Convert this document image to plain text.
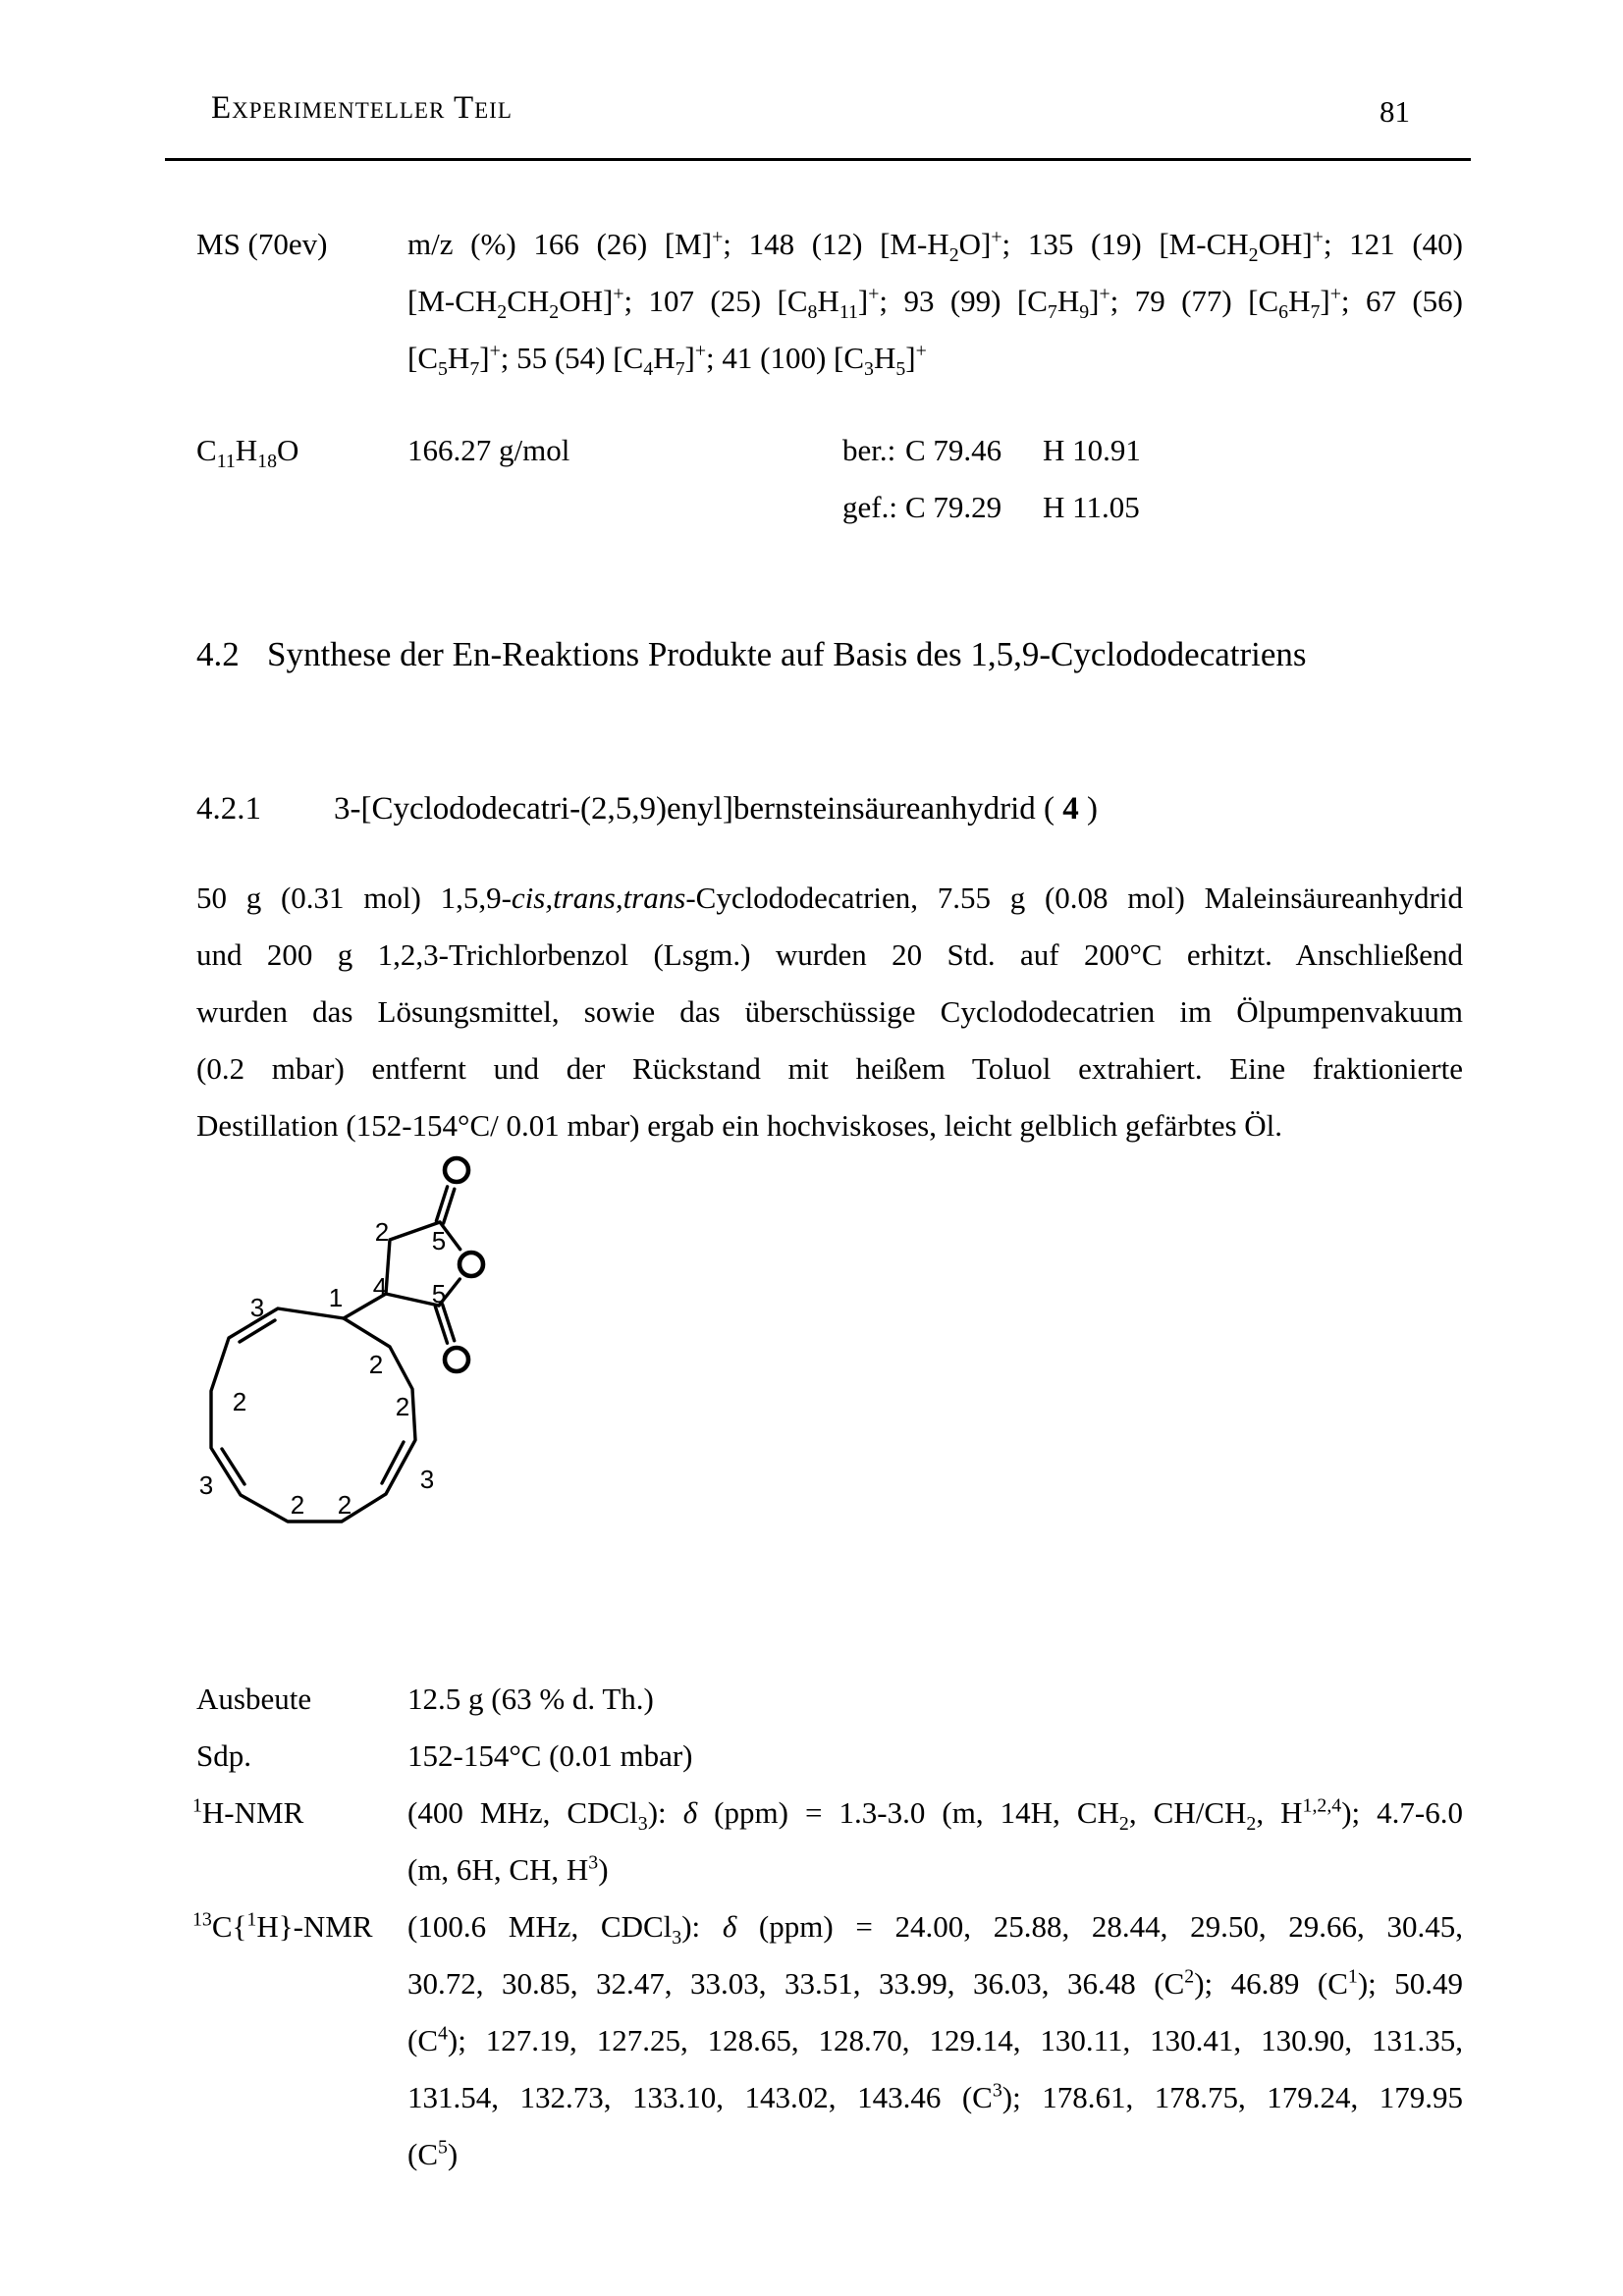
Experimenteller Teil	81
MS (70ev)	m/z (%) 166 (26) [M]+; 148 (12) $[M-H_2O]^+$; 135 (19) $[M-CH_2OH]^+$; 121 (40)
$[M-CH_2CH_2OH]^+$; 107 (25) $[C_8H_{11}]^+$; 93 (99) $[C_7H_9]^+$; 79 (77) $[C_6H_7]^+$; 67 (56)
$[C_5H_7]^+$; 55 (54) $[C_4H_7]^+$; 41 (100) $[C_3H_5]^+$
$C_{11}H_{18}O$	166.27 g/mol	ber.: C 79.46 H 10.91
gef.: C 79.29 H 11.05
4.2 Synthese der En-Reaktions Produkte auf Basis des 1,5,9-Cyclododecatriens
4.2.1 3-[Cyclododecatri-(2,5,9)enyl]bernsteinsäureanhydrid ( 4 )
50 g (0.31 mol) 1,5,9-cis,trans,trans-Cyclododecatrien, 7.55 g (0.08 mol) Maleinsäureanhydrid
und 200 g 1,2,3-Trichlorbenzol (Lsgm.) wurden 20 Std. auf 200°C erhitzt. Anschließend
wurden das Lösungsmittel, sowie das überschüssige Cyclododecatrien im Ölpumpenvakuum
(0.2 mbar) entfernt und der Rückstand mit heißem Toluol extrahiert. Eine fraktionierte
Destillation (152-154°C/ 0.01 mbar) ergab ein hochviskoses, leicht gelblich gefärbtes Öl.
1
3
2
2
2
3	3
2 2
4
2 5
5
Ausbeute	12.5 g (63 % d. Th.)
Sdp.	152-154°C (0.01 mbar)
$^1$H-NMR	(400 MHz, CDCl$_3$): δ (ppm) = 1.3-3.0 (m, 14H, $CH_2$, $CH/CH_2$, H$^{1,2,4}$); 4.7-6.0
(m, 6H, CH, $H^3$)
$^{13}$C{$^1$H}-NMR (100.6 MHz, CDCl$_3$): δ (ppm) = 24.00, 25.88, 28.44, 29.50, 29.66, 30.45,
30.72, 30.85, 32.47, 33.03, 33.51, 33.99, 36.03, 36.48 $(C^2)$; 46.89 $(C^1)$; 50.49
$(C^4)$; 127.19, 127.25, 128.65, 128.70, 129.14, 130.11, 130.41, 130.90, 131.35,
131.54, 132.73, 133.10, 143.02, 143.46 $(C^3)$; 178.61, 178.75, 179.24, 179.95
$(C^5)$
